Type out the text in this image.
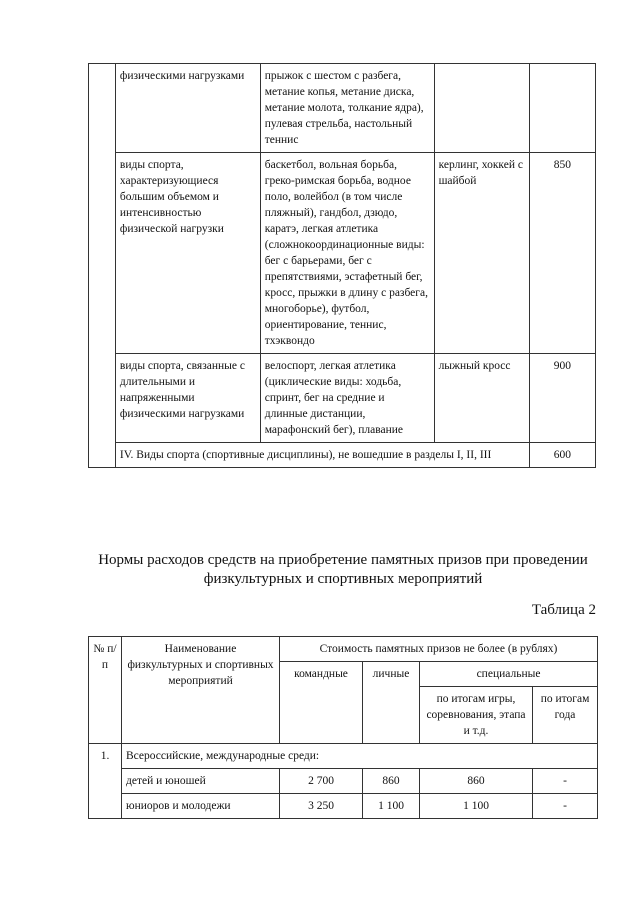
	физическими нагрузками	прыжок с шестом с разбега, метание копья, метание диска, метание молота, толкание ядра), пулевая стрельба, настольный теннис		
	виды спорта, характеризующиеся большим объемом и интенсивностью физической нагрузки	баскетбол, вольная борьба, греко-римская борьба, водное поло, волейбол (в том числе пляжный), гандбол, дзюдо, каратэ, легкая атлетика (сложнокоординационные виды: бег с барьерами, бег с препятствиями, эстафетный бег, кросс, прыжки в длину с разбега, многоборье), футбол, ориентирование, теннис, тхэквондо	керлинг, хоккей с шайбой	850
	виды спорта, связанные с длительными и напряженными физическими нагрузками	велоспорт, легкая атлетика (циклические виды: ходьба, спринт, бег на средние и длинные дистанции, марафонский бег), плавание	лыжный кросс	900
	IV. Виды спорта (спортивные дисциплины), не вошедшие в разделы I, II, III			600
Нормы расходов средств на приобретение памятных призов при проведении физкультурных и спортивных мероприятий
Таблица 2
№ п/п	Наименование физкультурных и спортивных мероприятий	Стоимость памятных призов не более (в рублях)			
		командные	личные	специальные	
				по итогам игры, соревнования, этапа и т.д.	по итогам года
1.	Всероссийские, международные среди:				
	детей и юношей	2 700	860	860	-
	юниоров и молодежи	3 250	1 100	1 100	-
